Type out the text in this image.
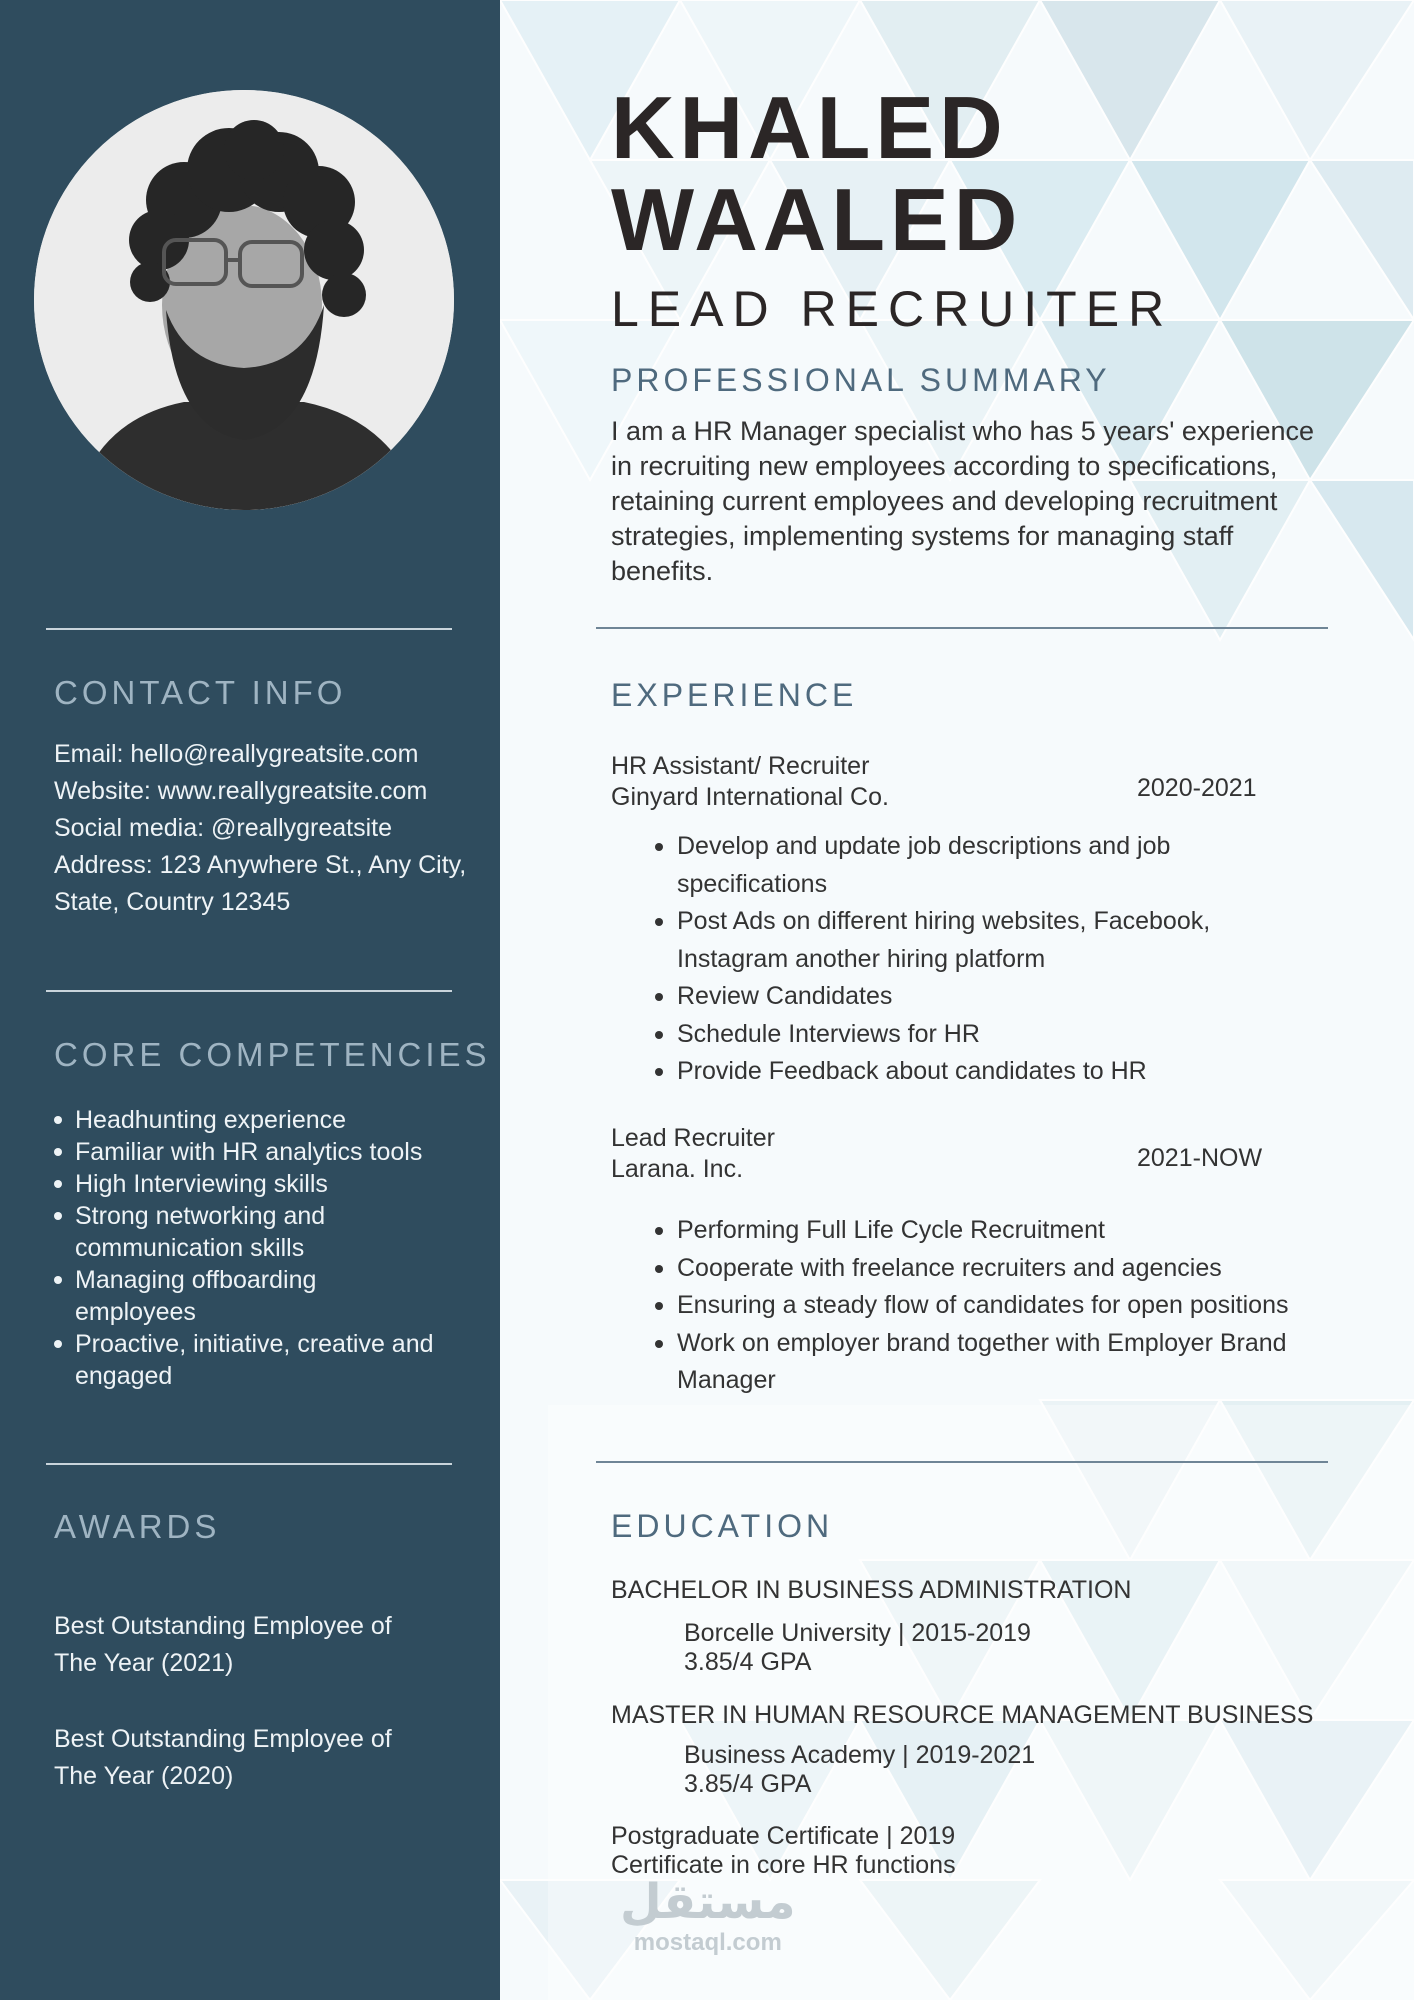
CONTACT INFO
Email: hello@reallygreatsite.com
Website: www.reallygreatsite.com
Social media: @reallygreatsite
Address: 123 Anywhere St., Any City,
State, Country 12345
CORE COMPETENCIES
Headhunting experience
Familiar with HR analytics tools
High Interviewing skills
Strong networking and communication skills
Managing offboarding employees
Proactive, initiative, creative and engaged
AWARDS
Best Outstanding Employee of The Year (2021)
Best Outstanding Employee of The Year (2020)
KHALED
WAALED
LEAD RECRUITER
PROFESSIONAL SUMMARY
I am a HR Manager specialist who has 5 years' experience in recruiting new employees according to specifications, retaining current employees and developing recruitment strategies, implementing systems for managing staff benefits.
EXPERIENCE
HR Assistant/ Recruiter
Ginyard International Co.	2020-2021
Develop and update job descriptions and job specifications
Post Ads on different hiring websites, Facebook, Instagram another hiring platform
Review Candidates
Schedule Interviews for HR
Provide Feedback about candidates to HR
Lead Recruiter
Larana. Inc.	2021-NOW
Performing Full Life Cycle Recruitment
Cooperate with freelance recruiters and agencies
Ensuring a steady flow of candidates for open positions
Work on employer brand together with Employer Brand Manager
EDUCATION
BACHELOR IN BUSINESS ADMINISTRATION
Borcelle University | 2015-2019
3.85/4 GPA
MASTER IN HUMAN RESOURCE MANAGEMENT BUSINESS
Business Academy | 2019-2021
3.85/4 GPA
Postgraduate Certificate | 2019
Certificate in core HR functions
مستقل
mostaql.com
